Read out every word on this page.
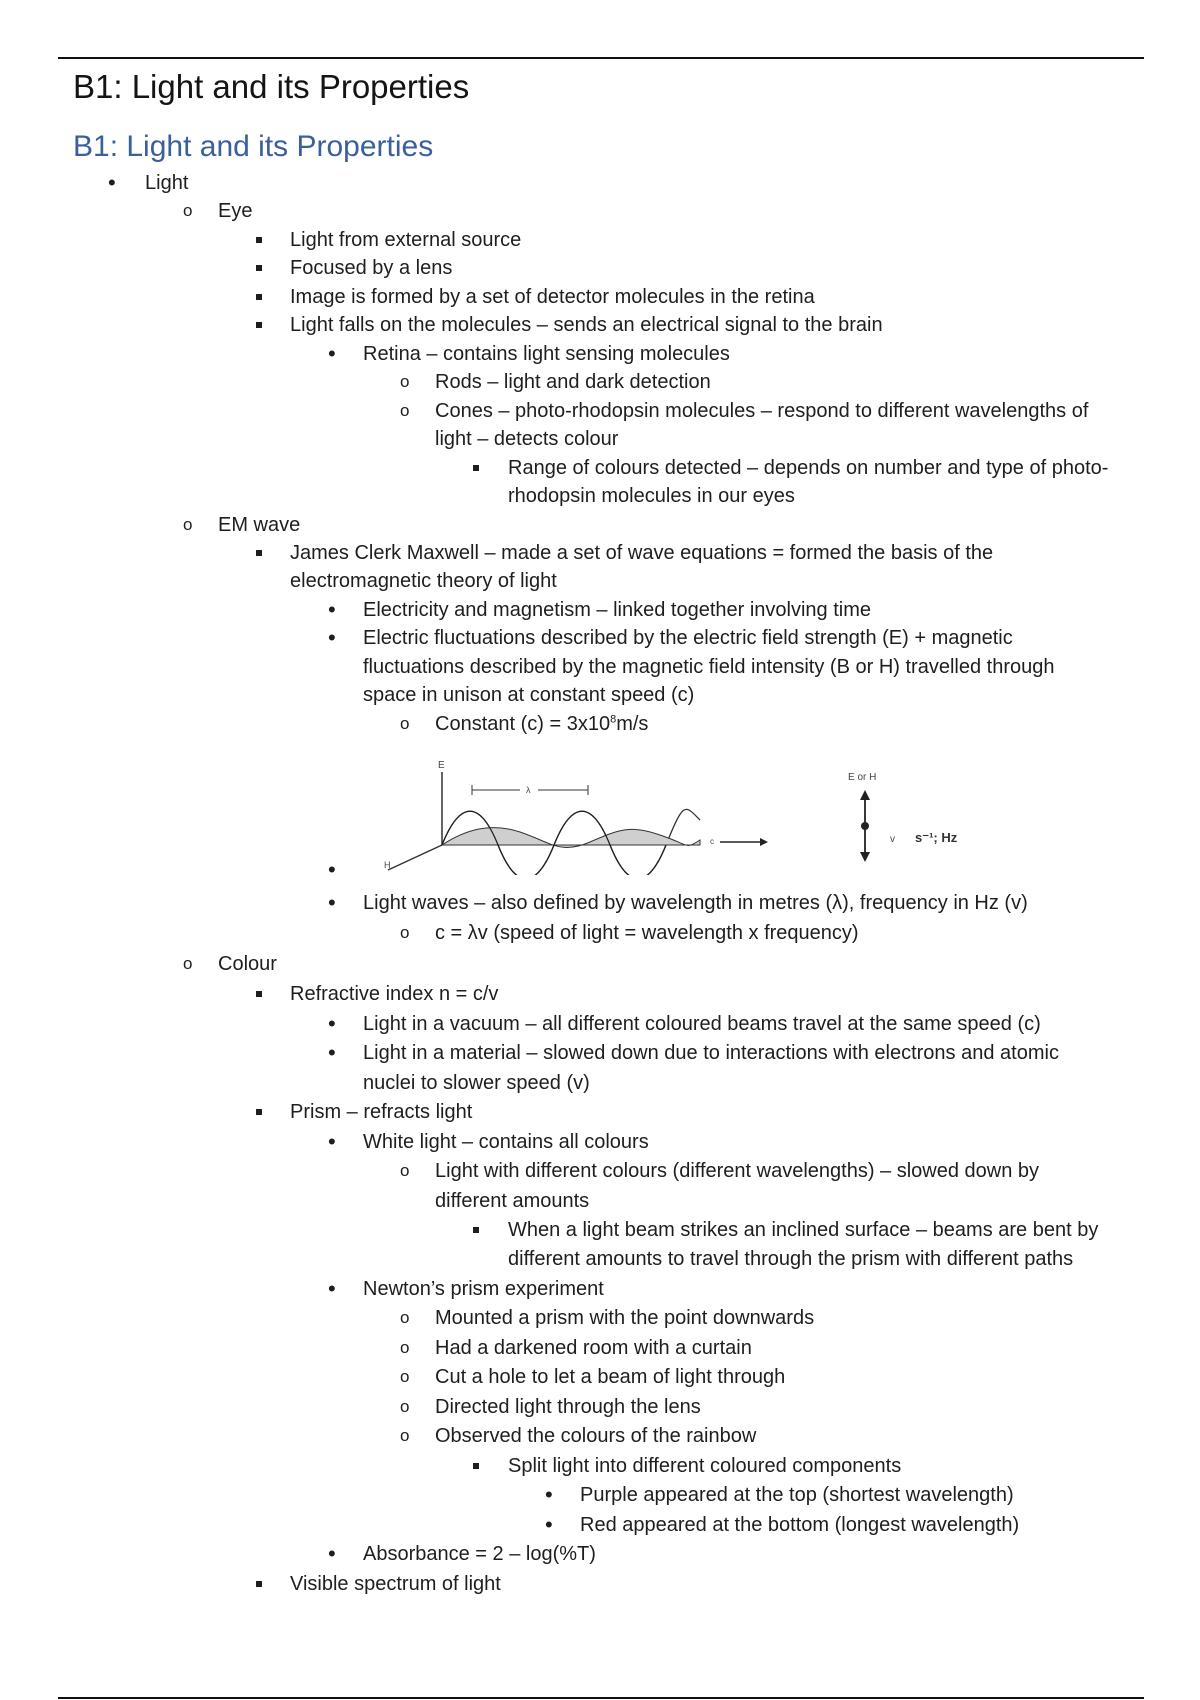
B1: Light and its Properties
B1: Light and its Properties
•
Light
o
Eye
Light from external source
Focused by a lens
Image is formed by a set of detector molecules in the retina
Light falls on the molecules – sends an electrical signal to the brain
•
Retina – contains light sensing molecules
o
Rods – light and dark detection
o
Cones – photo-rhodopsin molecules – respond to different wavelengths of
light – detects colour
Range of colours detected – depends on number and type of photo-
rhodopsin molecules in our eyes
o
EM wave
James Clerk Maxwell – made a set of wave equations = formed the basis of the
electromagnetic theory of light
•
Electricity and magnetism – linked together involving time
•
Electric fluctuations described by the electric field strength (E) + magnetic
fluctuations described by the magnetic field intensity (B or H) travelled through
space in unison at constant speed (c)
o
Constant $(c) = 3x10^8m/s$
•
•
Light waves – also defined by wavelength in metres (λ), frequency in Hz (v)
o
c = λv (speed of light = wavelength x frequency)
o
Colour
Refractive index n = c/v
•
Light in a vacuum – all different coloured beams travel at the same speed (c)
•
Light in a material – slowed down due to interactions with electrons and atomic
nuclei to slower speed (v)
Prism – refracts light
•
White light – contains all colours
o
Light with different colours (different wavelengths) – slowed down by
different amounts
When a light beam strikes an inclined surface – beams are bent by
different amounts to travel through the prism with different paths
•
Newton’s prism experiment
o
Mounted a prism with the point downwards
o
Had a darkened room with a curtain
o
Cut a hole to let a beam of light through
o
Directed light through the lens
o
Observed the colours of the rainbow
Split light into different coloured components
•
Purple appeared at the top (shortest wavelength)
•
Red appeared at the bottom (longest wavelength)
•
Absorbance = 2 – log(%T)
Visible spectrum of light
E
H
λ
c
E or H
v s⁻¹; Hz
